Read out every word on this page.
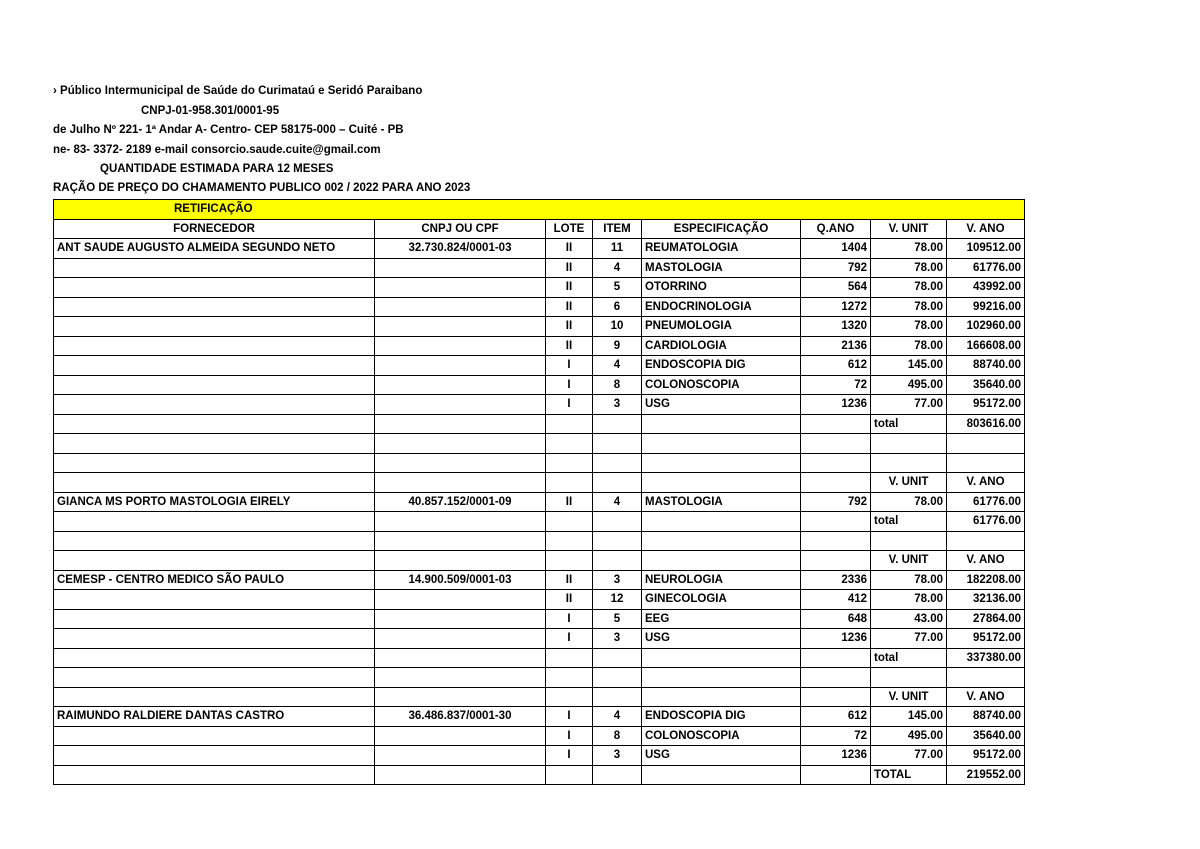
› Público Intermunicipal de Saúde do Curimataú e Seridó Paraibano
CNPJ-01-958.301/0001-95
de Julho Nº 221- 1ª Andar A- Centro- CEP 58175-000 – Cuité - PB
ne- 83- 3372- 2189 e-mail consorcio.saude.cuite@gmail.com
QUANTIDADE ESTIMADA PARA 12 MESES
RAÇÃO DE PREÇO DO CHAMAMENTO PUBLICO 002 / 2022 PARA ANO 2023
RETIFICAÇÃO							
FORNECEDOR	CNPJ OU CPF	LOTE	ITEM	ESPECIFICAÇÃO	Q.ANO	V. UNIT	V. ANO
ANT SAUDE AUGUSTO ALMEIDA SEGUNDO NETO	32.730.824/0001-03	II	11	REUMATOLOGIA	1404	78.00	109512.00
		II	4	MASTOLOGIA	792	78.00	61776.00
		II	5	OTORRINO	564	78.00	43992.00
		II	6	ENDOCRINOLOGIA	1272	78.00	99216.00
		II	10	PNEUMOLOGIA	1320	78.00	102960.00
		II	9	CARDIOLOGIA	2136	78.00	166608.00
		I	4	ENDOSCOPIA DIG	612	145.00	88740.00
		I	8	COLONOSCOPIA	72	495.00	35640.00
		I	3	USG	1236	77.00	95172.00
						total	803616.00

						V. UNIT	V. ANO
GIANCA MS PORTO MASTOLOGIA EIRELY	40.857.152/0001-09	II	4	MASTOLOGIA	792	78.00	61776.00
						total	61776.00

						V. UNIT	V. ANO
CEMESP - CENTRO MEDICO SÃO PAULO	14.900.509/0001-03	II	3	NEUROLOGIA	2336	78.00	182208.00
		II	12	GINECOLOGIA	412	78.00	32136.00
		I	5	EEG	648	43.00	27864.00
		I	3	USG	1236	77.00	95172.00
						total	337380.00

						V. UNIT	V. ANO
RAIMUNDO RALDIERE DANTAS CASTRO	36.486.837/0001-30	I	4	ENDOSCOPIA DIG	612	145.00	88740.00
		I	8	COLONOSCOPIA	72	495.00	35640.00
		I	3	USG	1236	77.00	95172.00
						TOTAL	219552.00
